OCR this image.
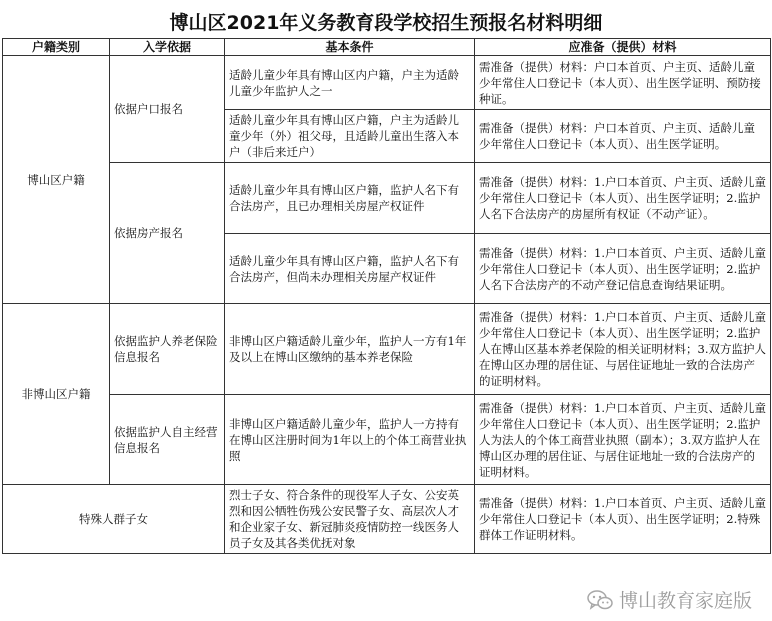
博山区2021年义务教育段学校招生预报名材料明细
户籍类别	入学依据	基本条件	应准备（提供）材料
博山区户籍	依据户口报名	适龄儿童少年具有博山区内户籍，户主为适龄儿童少年监护人之一	需准备（提供）材料：户口本首页、户主页、适龄儿童少年常住人口登记卡（本人页）、出生医学证明、预防接种证。
		适龄儿童少年具有博山区户籍，户主为适龄儿童少年（外）祖父母，且适龄儿童出生落入本户（非后来迁户）	需准备（提供）材料：户口本首页、户主页、适龄儿童少年常住人口登记卡（本人页）、出生医学证明。
	依据房产报名	适龄儿童少年具有博山区户籍，监护人名下有合法房产，且已办理相关房屋产权证件	需准备（提供）材料：1.户口本首页、户主页、适龄儿童少年常住人口登记卡（本人页）、出生医学证明；2.监护人名下合法房产的房屋所有权证（不动产证）。
		适龄儿童少年具有博山区户籍，监护人名下有合法房产，但尚未办理相关房屋产权证件	需准备（提供）材料：1.户口本首页、户主页、适龄儿童少年常住人口登记卡（本人页）、出生医学证明；2.监护人名下合法房产的不动产登记信息查询结果证明。
非博山区户籍	依据监护人养老保险信息报名	非博山区户籍适龄儿童少年，监护人一方有1年及以上在博山区缴纳的基本养老保险	需准备（提供）材料：1.户口本首页、户主页、适龄儿童少年常住人口登记卡（本人页）、出生医学证明；2.监护人在博山区基本养老保险的相关证明材料；3.双方监护人在博山区办理的居住证、与居住证地址一致的合法房产的证明材料。
	依据监护人自主经营信息报名	非博山区户籍适龄儿童少年，监护人一方持有在博山区注册时间为1年以上的个体工商营业执照	需准备（提供）材料：1.户口本首页、户主页、适龄儿童少年常住人口登记卡（本人页）、出生医学证明；2.监护人为法人的个体工商营业执照（副本）；3.双方监护人在博山区办理的居住证、与居住证地址一致的合法房产的证明材料。
特殊人群子女		烈士子女、符合条件的现役军人子女、公安英烈和因公牺牲伤残公安民警子女、高层次人才和企业家子女、新冠肺炎疫情防控一线医务人员子女及其各类优抚对象	需准备（提供）材料：1.户口本首页、户主页、适龄儿童少年常住人口登记卡（本人页）、出生医学证明；2.特殊群体工作证明材料。
博山教育家庭版
